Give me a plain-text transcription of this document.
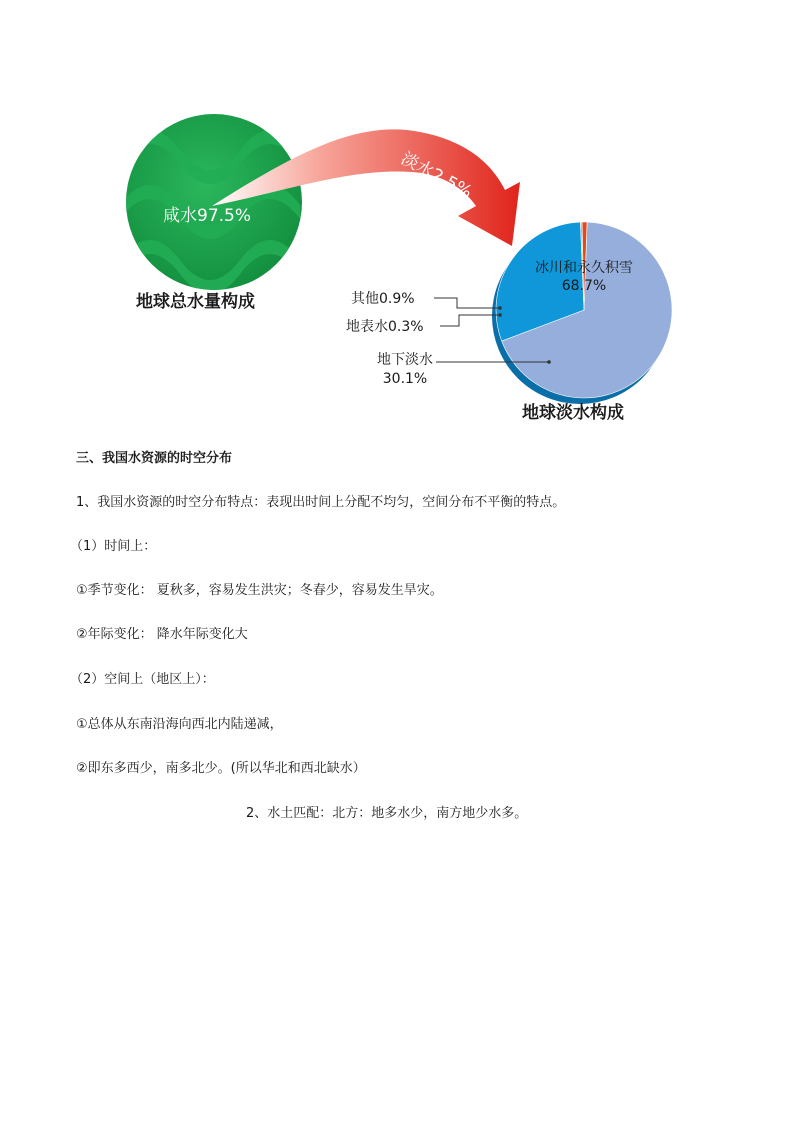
咸水97.5%
淡水2.5%
地球总水量构成
冰川和永久积雪
68.7%
其他0.9%
地表水0.3%
地下淡水
30.1%
地球淡水构成
三、我国水资源的时空分布
1、我国水资源的时空分布特点：表现出时间上分配不均匀，空间分布不平衡的特点。
（1）时间上：
①季节变化： 夏秋多，容易发生洪灾；冬春少，容易发生旱灾。
②年际变化： 降水年际变化大
（2）空间上（地区上）：
①总体从东南沿海向西北内陆递减，
②即东多西少，南多北少。(所以华北和西北缺水）
2、水土匹配：北方：地多水少，南方地少水多。
